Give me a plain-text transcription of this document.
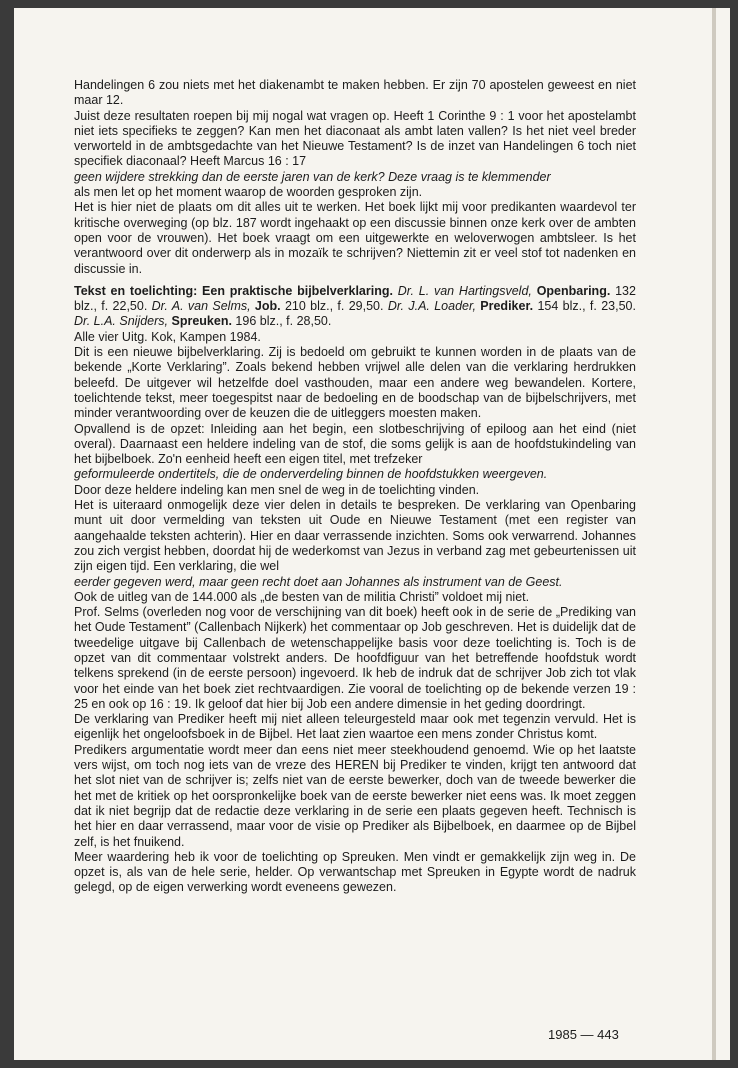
Handelingen 6 zou niets met het diakenambt te maken hebben. Er zijn 70 apostelen geweest en niet maar 12.

Juist deze resultaten roepen bij mij nogal wat vragen op. Heeft 1 Corinthe 9 : 1 voor het apostelambt niet iets specifieks te zeggen? Kan men het diaconaat als ambt laten vallen? Is het niet veel breder verworteld in de ambtsgedachte van het Nieuwe Testament? Is de inzet van Handelingen 6 toch niet specifiek diaconaal? Heeft Marcus 16 : 17

geen wijdere strekking dan de eerste jaren van de kerk? Deze vraag is te klemmender

als men let op het moment waarop de woorden gesproken zijn.

Het is hier niet de plaats om dit alles uit te werken. Het boek lijkt mij voor predikanten waardevol ter kritische overweging (op blz. 187 wordt ingehaakt op een discussie binnen onze kerk over de ambten open voor de vrouwen). Het boek vraagt om een uitgewerkte en weloverwogen ambtsleer. Is het verantwoord over dit onderwerp als in mozaïk te schrijven? Niettemin zit er veel stof tot nadenken en discussie in.

Tekst en toelichting: Een praktische bijbelverklaring. Dr. L. van Hartingsveld, Openbaring. 132 blz., f. 22,50. Dr. A. van Selms, Job. 210 blz., f. 29,50. Dr. J.A. Loader, Prediker. 154 blz., f. 23,50. Dr. L.A. Snijders, Spreuken. 196 blz., f. 28,50.

Alle vier Uitg. Kok, Kampen 1984.

Dit is een nieuwe bijbelverklaring. Zij is bedoeld om gebruikt te kunnen worden in de plaats van de bekende „Korte Verklaring”. Zoals bekend hebben vrijwel alle delen van die verklaring herdrukken beleefd. De uitgever wil hetzelfde doel vasthouden, maar een andere weg bewandelen. Kortere, toelichtende tekst, meer toegespitst naar de bedoeling en de boodschap van de bijbelschrijvers, met minder verantwoording over de keuzen die de uitleggers moesten maken.

Opvallend is de opzet: Inleiding aan het begin, een slotbeschrijving of epiloog aan het eind (niet overal). Daarnaast een heldere indeling van de stof, die soms gelijk is aan de hoofdstukindeling van het bijbelboek. Zo'n eenheid heeft een eigen titel, met trefzeker

geformuleerde ondertitels, die de onderverdeling binnen de hoofdstukken weergeven.

Door deze heldere indeling kan men snel de weg in de toelichting vinden.

Het is uiteraard onmogelijk deze vier delen in details te bespreken. De verklaring van Openbaring munt uit door vermelding van teksten uit Oude en Nieuwe Testament (met een register van aangehaalde teksten achterin). Hier en daar verrassende inzichten. Soms ook verwarrend. Johannes zou zich vergist hebben, doordat hij de wederkomst van Jezus in verband zag met gebeurtenissen uit zijn eigen tijd. Een verklaring, die wel

eerder gegeven werd, maar geen recht doet aan Johannes als instrument van de Geest.

Ook de uitleg van de 144.000 als „de besten van de militia Christi” voldoet mij niet.

Prof. Selms (overleden nog voor de verschijning van dit boek) heeft ook in de serie de „Prediking van het Oude Testament” (Callenbach Nijkerk) het commentaar op Job geschreven. Het is duidelijk dat de tweedelige uitgave bij Callenbach de wetenschappelijke basis voor deze toelichting is. Toch is de opzet van dit commentaar volstrekt anders. De hoofdfiguur van het betreffende hoofdstuk wordt telkens sprekend (in de eerste persoon) ingevoerd. Ik heb de indruk dat de schrijver Job zich tot vlak voor het einde van het boek ziet rechtvaardigen. Zie vooral de toelichting op de bekende verzen 19 : 25 en ook op 16 : 19. Ik geloof dat hier bij Job een andere dimensie in het geding doordringt.

De verklaring van Prediker heeft mij niet alleen teleurgesteld maar ook met tegenzin vervuld. Het is eigenlijk het ongeloofsboek in de Bijbel. Het laat zien waartoe een mens zonder Christus komt.

Predikers argumentatie wordt meer dan eens niet meer steekhoudend genoemd. Wie op het laatste vers wijst, om toch nog iets van de vreze des HEREN bij Prediker te vinden, krijgt ten antwoord dat het slot niet van de schrijver is; zelfs niet van de eerste bewerker, doch van de tweede bewerker die het met de kritiek op het oorspronkelijke boek van de eerste bewerker niet eens was. Ik moet zeggen dat ik niet begrijp dat de redactie deze verklaring in de serie een plaats gegeven heeft. Technisch is het hier en daar verrassend, maar voor de visie op Prediker als Bijbelboek, en daarmee op de Bijbel zelf, is het fnuikend.

Meer waardering heb ik voor de toelichting op Spreuken. Men vindt er gemakkelijk zijn weg in. De opzet is, als van de hele serie, helder. Op verwantschap met Spreuken in Egypte wordt de nadruk gelegd, op de eigen verwerking wordt eveneens gewezen.

1985 — 443
